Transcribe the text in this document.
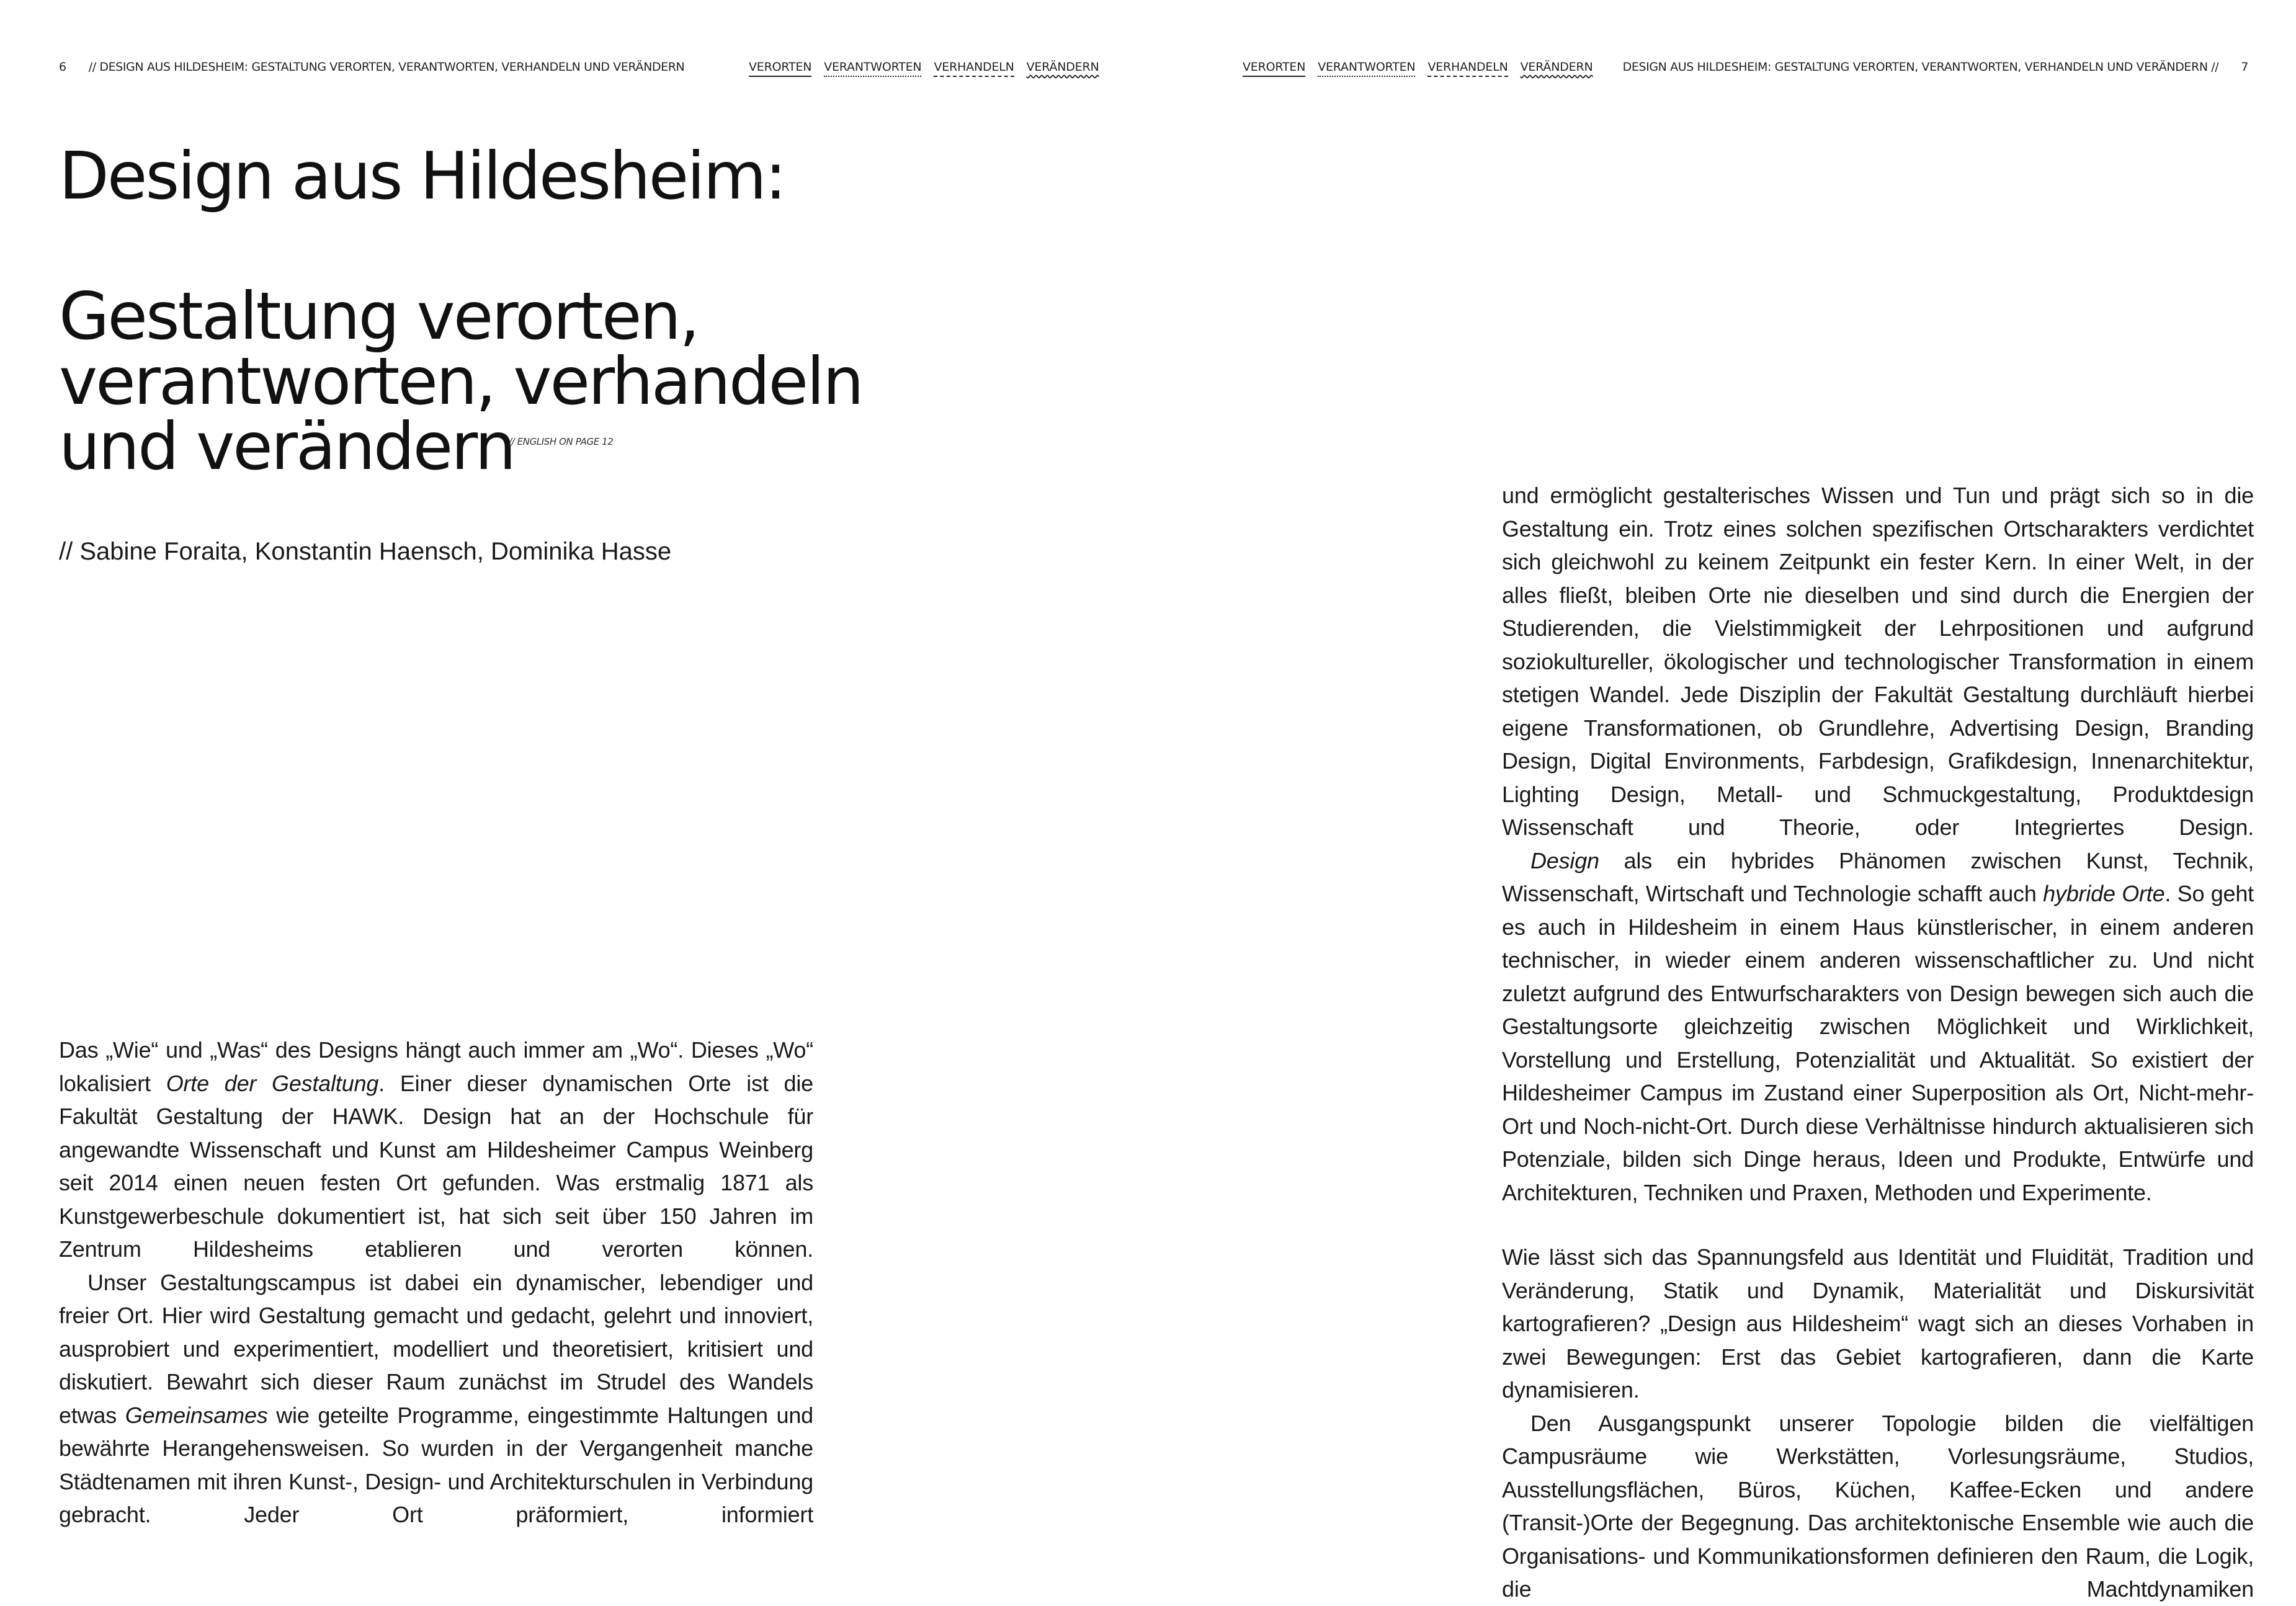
6 // DESIGN AUS HILDESHEIM: GESTALTUNG VERORTEN, VERANTWORTEN, VERHANDELN UND VERÄNDERN	VERORTEN VERANTWORTEN VERHANDELN VERÄNDERN	VERORTEN VERANTWORTEN VERHANDELN VERÄNDERN	DESIGN AUS HILDESHEIM: GESTALTUNG VERORTEN, VERANTWORTEN, VERHANDELN UND VERÄNDERN // 7
Design aus Hildesheim:
Gestaltung verorten,
verantworten, verhandeln
und verändern
// ENGLISH ON PAGE 12
// Sabine Foraita, Konstantin Haensch, Dominika Hasse

Das „Wie“ und „Was“ des Designs hängt auch immer am „Wo“. Dieses „Wo“ lokalisiert Orte der Gestaltung. Einer dieser dynamischen Orte ist die Fakultät Gestaltung der HAWK. Design hat an der Hochschule für angewandte Wissenschaft und Kunst am Hildesheimer Campus Weinberg seit 2014 einen neuen festen Ort gefunden. Was erstmalig 1871 als Kunstgewerbeschule dokumentiert ist, hat sich seit über 150 Jahren im Zentrum Hildesheims etablieren und verorten können.

Unser Gestaltungscampus ist dabei ein dynamischer, lebendiger und freier Ort. Hier wird Gestaltung gemacht und gedacht, gelehrt und innoviert, ausprobiert und experimentiert, modelliert und theoretisiert, kritisiert und diskutiert. Bewahrt sich dieser Raum zunächst im Strudel des Wandels etwas Gemeinsames wie geteilte Programme, eingestimmte Haltungen und bewährte Herangehensweisen. So wurden in der Vergangenheit manche Städtenamen mit ihren Kunst-, Design- und Architekturschulen in Verbindung gebracht. Jeder Ort präformiert, informiert

und ermöglicht gestalterisches Wissen und Tun und prägt sich so in die Gestaltung ein. Trotz eines solchen spezifischen Ortscharakters verdichtet sich gleichwohl zu keinem Zeitpunkt ein fester Kern. In einer Welt, in der alles fließt, bleiben Orte nie dieselben und sind durch die Energien der Studierenden, die Vielstimmigkeit der Lehrpositionen und aufgrund soziokultureller, ökologischer und technologischer Transformation in einem stetigen Wandel. Jede Disziplin der Fakultät Gestaltung durchläuft hierbei eigene Transformationen, ob Grundlehre, Advertising Design, Branding Design, Digital Environments, Farbdesign, Grafikdesign, Innenarchitektur, Lighting Design, Metall- und Schmuckgestaltung, Produktdesign Wissenschaft und Theorie, oder Integriertes Design.

Design als ein hybrides Phänomen zwischen Kunst, Technik, Wissenschaft, Wirtschaft und Technologie schafft auch hybride Orte. So geht es auch in Hildesheim in einem Haus künstlerischer, in einem anderen technischer, in wieder einem anderen wissenschaftlicher zu. Und nicht zuletzt aufgrund des Entwurfscharakters von Design bewegen sich auch die Gestaltungsorte gleichzeitig zwischen Möglichkeit und Wirklichkeit, Vorstellung und Erstellung, Potenzialität und Aktualität. So existiert der Hildesheimer Campus im Zustand einer Superposition als Ort, Nicht-mehr-Ort und Noch-nicht-Ort. Durch diese Verhältnisse hindurch aktualisieren sich Potenziale, bilden sich Dinge heraus, Ideen und Produkte, Entwürfe und Architekturen, Techniken und Praxen, Methoden und Experimente.

Wie lässt sich das Spannungsfeld aus Identität und Fluidität, Tradition und Veränderung, Statik und Dynamik, Materialität und Diskursivität kartografieren? „Design aus Hildesheim“ wagt sich an dieses Vorhaben in zwei Bewegungen: Erst das Gebiet kartografieren, dann die Karte dynamisieren.

Den Ausgangspunkt unserer Topologie bilden die vielfältigen Campusräume wie Werkstätten, Vorlesungsräume, Studios, Ausstellungsflächen, Büros, Küchen, Kaffee-Ecken und andere (Transit-)Orte der Begegnung. Das architektonische Ensemble wie auch die Organisations- und Kommunikationsformen definieren den Raum, die Logik, die Machtdynamiken
